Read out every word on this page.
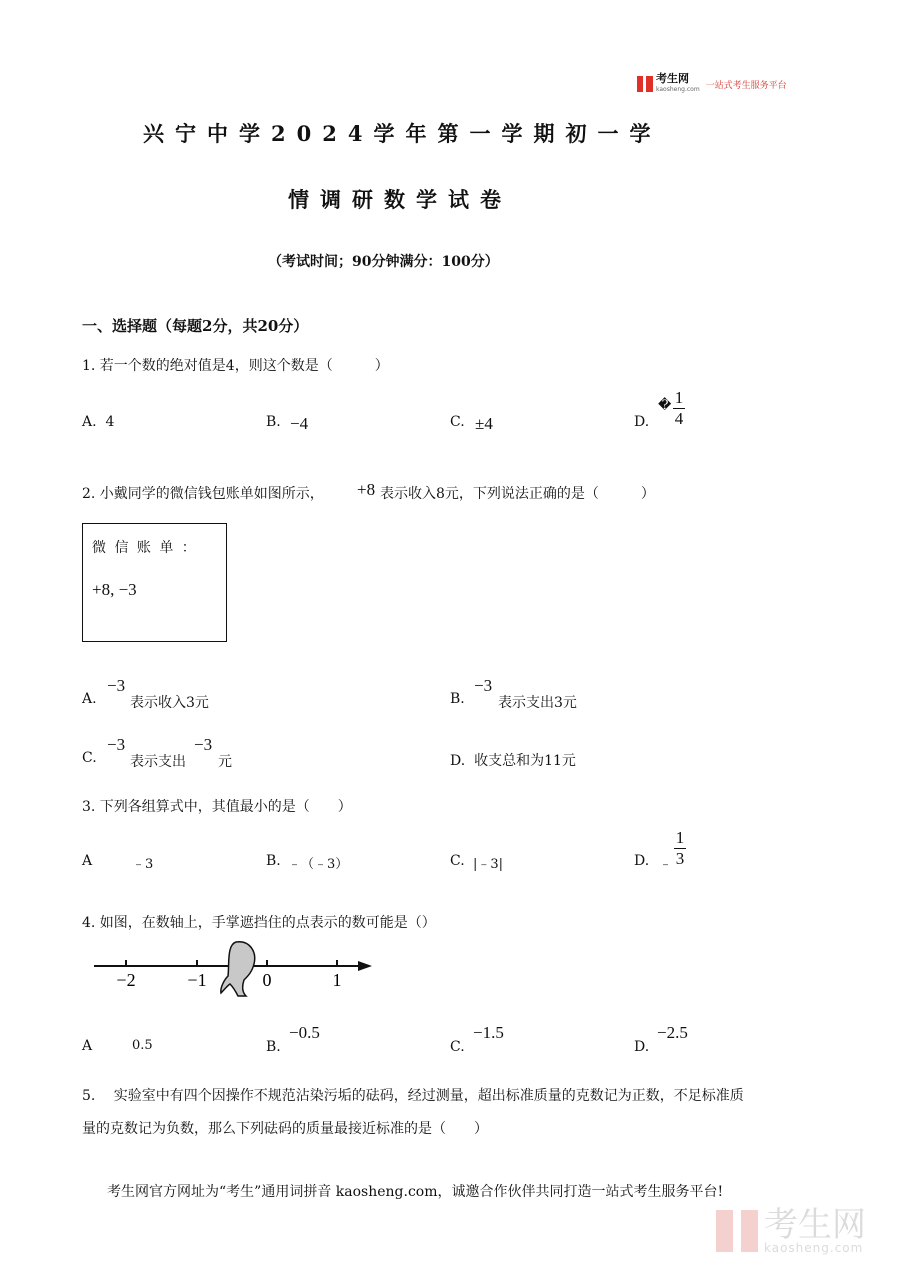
考生网
kaosheng.com 一站式考生服务平台
兴宁中学2024学年第一学期初一学
情调研数学试卷
（考试时间；90分钟满分：100分）
一、选择题（每题2分，共20分）
1. 若一个数的绝对值是4，则这个数是（　　　）
A. 4	B. −4	C. ±4	D.
� 1
4
2. 小戴同学的微信钱包账单如图所示， +8 表示收入8元，下列说法正确的是（　　　）
微 信 账 单 ：
+8, −3
A.
−3
表示收入3元	B.
−3
表示支出3元
C.
−3
表示支出
−3
元	D. 收支总和为11元
3. 下列各组算式中，其值最小的是（　　）
A	﹣3	B. ﹣（﹣3）	C. |﹣3|	D. ﹣
1
3
4. 如图，在数轴上，手掌遮挡住的点表示的数可能是（）
−2	−1	0	1
A	0.5	B.
−0.5
C.
−1.5
D.
−2.5
5. 　实验室中有四个因操作不规范沾染污垢的砝码，经过测量，超出标准质量的克数记为正数，不足标准质
量的克数记为负数，那么下列砝码的质量最接近标准的是（　　）
考生网官方网址为“考生”通用词拼音 kaosheng.com，诚邀合作伙伴共同打造一站式考生服务平台!
考生网
kaosheng.com
